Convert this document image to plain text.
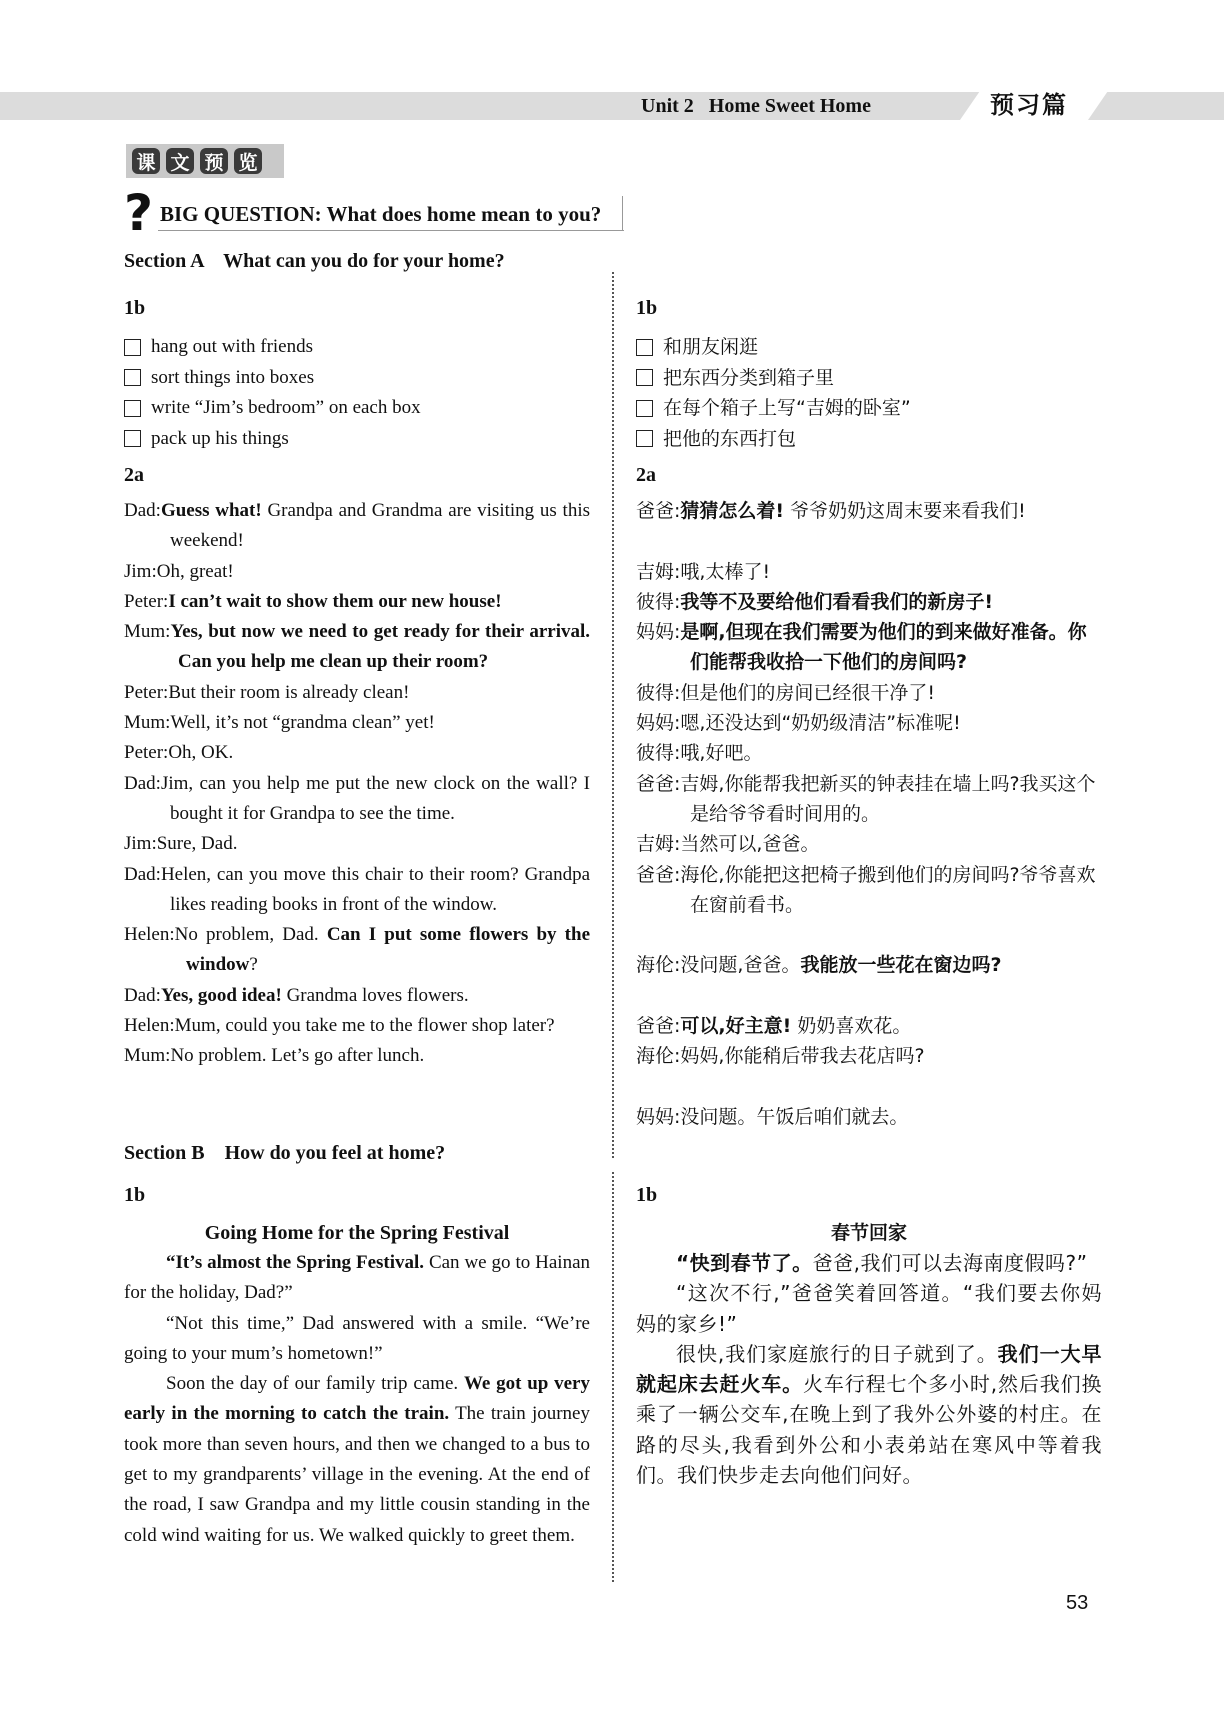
Unit 2 Home Sweet Home	预习篇
课 文 预 览
? BIG QUESTION: What does home mean to you?
Section A What can you do for your home?
1b
hang out with friends
sort things into boxes
write “Jim’s bedroom” on each box
pack up his things
2a
Dad:Guess what! Grandpa and Grandma are visiting us this weekend!
Jim:Oh, great!
Peter:I can’t wait to show them our new house!
Mum:Yes, but now we need to get ready for their arrival. Can you help me clean up their room?
Peter:But their room is already clean!
Mum:Well, it’s not “grandma clean” yet!
Peter:Oh, OK.
Dad:Jim, can you help me put the new clock on the wall? I bought it for Grandpa to see the time.
Jim:Sure, Dad.
Dad:Helen, can you move this chair to their room? Grandpa likes reading books in front of the window.
Helen:No problem, Dad. Can I put some flowers by the window?
Dad:Yes, good idea! Grandma loves flowers.
Helen:Mum, could you take me to the flower shop later?
Mum:No problem. Let’s go after lunch.
1b
和朋友闲逛
把东西分类到箱子里
在每个箱子上写“吉姆的卧室”
把他的东西打包
2a
爸爸:猜猜怎么着! 爷爷奶奶这周末要来看我们!
吉姆:哦,太棒了!
彼得:我等不及要给他们看看我们的新房子!
妈妈:是啊,但现在我们需要为他们的到来做好准备。你们能帮我收拾一下他们的房间吗?
彼得:但是他们的房间已经很干净了!
妈妈:嗯,还没达到“奶奶级清洁”标准呢!
彼得:哦,好吧。
爸爸:吉姆,你能帮我把新买的钟表挂在墙上吗?我买这个是给爷爷看时间用的。
吉姆:当然可以,爸爸。
爸爸:海伦,你能把这把椅子搬到他们的房间吗?爷爷喜欢在窗前看书。
海伦:没问题,爸爸。我能放一些花在窗边吗?
爸爸:可以,好主意! 奶奶喜欢花。
海伦:妈妈,你能稍后带我去花店吗?
妈妈:没问题。午饭后咱们就去。
Section B How do you feel at home?
1b
Going Home for the Spring Festival

“It’s almost the Spring Festival. Can we go to Hainan for the holiday, Dad?”

“Not this time,” Dad answered with a smile. “We’re going to your mum’s hometown!”

Soon the day of our family trip came. We got up very early in the morning to catch the train. The train journey took more than seven hours, and then we changed to a bus to get to my grandparents’ village in the evening. At the end of the road, I saw Grandpa and my little cousin standing in the cold wind waiting for us. We walked quickly to greet them.

1b
春节回家

“快到春节了。爸爸,我们可以去海南度假吗?”

“这次不行,”爸爸笑着回答道。“我们要去你妈妈的家乡!”

很快,我们家庭旅行的日子就到了。我们一大早就起床去赶火车。火车行程七个多小时,然后我们换乘了一辆公交车,在晚上到了我外公外婆的村庄。在路的尽头,我看到外公和小表弟站在寒风中等着我们。我们快步走去向他们问好。

53
